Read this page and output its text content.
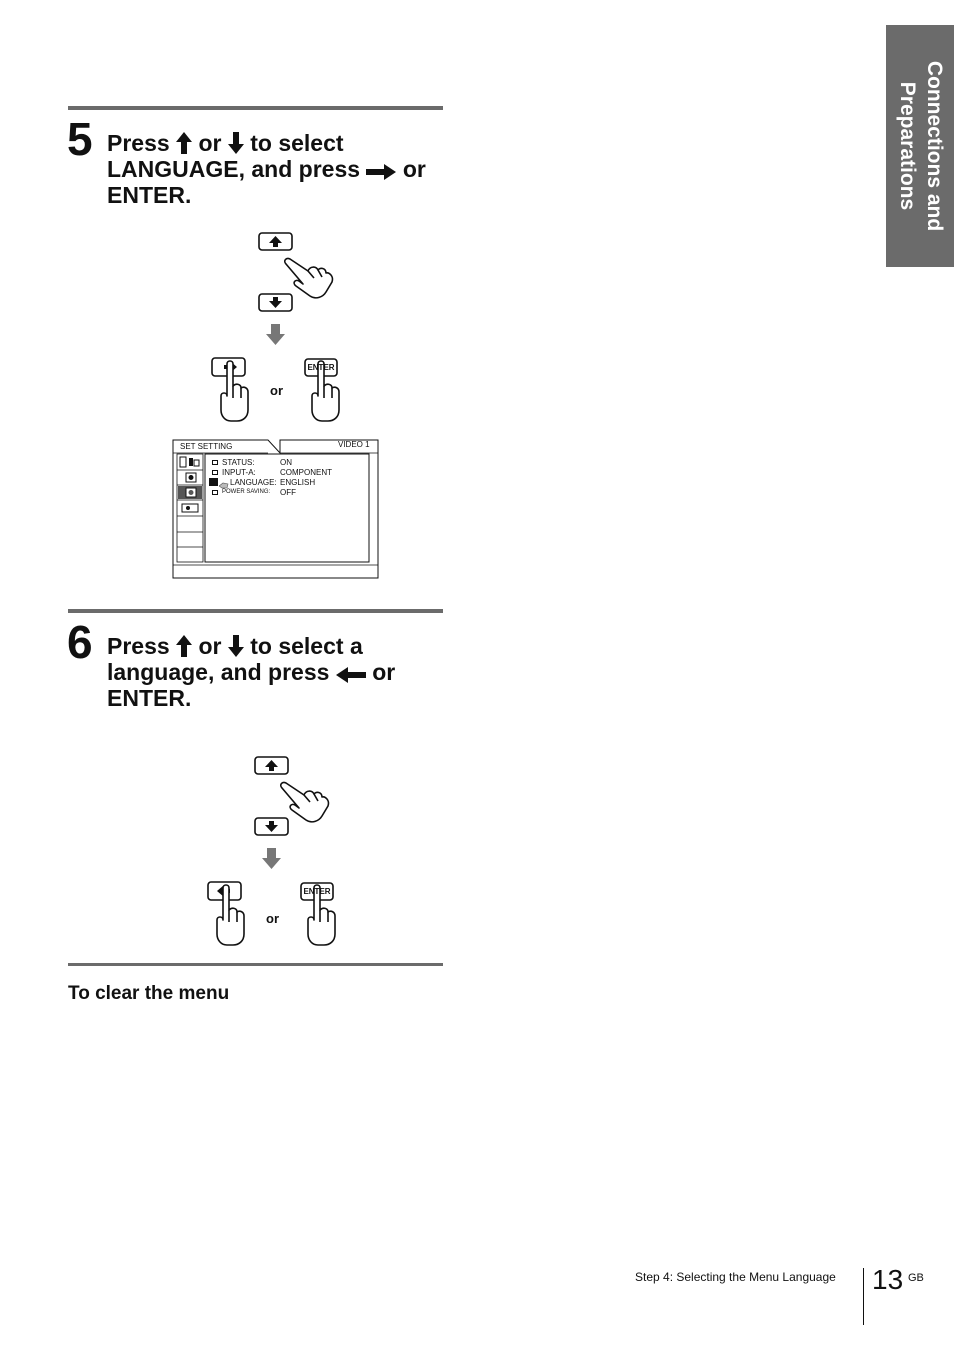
Connections and
Preparations
5 Press or to select
LANGUAGE, and press or
ENTER.
ENTER
or
SET SETTING	VIDEO 1
STATUS:	ON
INPUT-A:	COMPONENT
LANGUAGE: ENGLISH
POWER SAVING: OFF
6 Press or to select a
language, and press or
ENTER.
ENTER
or
To clear the menu
Step 4: Selecting the Menu Language 13 GB
